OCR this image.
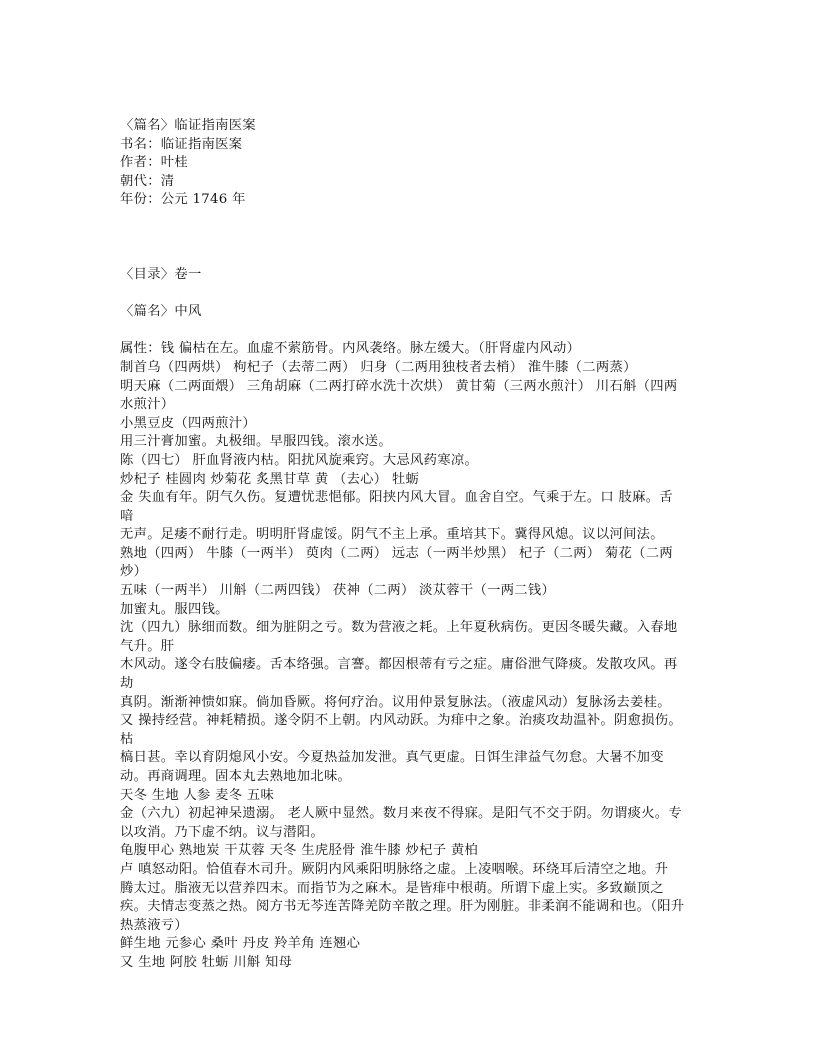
〈篇名〉临证指南医案
书名：临证指南医案
作者：叶桂
朝代：清
年份：公元 1746 年
〈目录〉卷一
〈篇名〉中风
属性：钱 偏枯在左。血虚不萦筋骨。内风袭络。脉左缓大。（肝肾虚内风动）
制首乌（四两烘） 枸杞子（去蒂二两） 归身（二两用独枝者去梢） 淮牛膝（二两蒸）
明天麻（二两面煨） 三角胡麻（二两打碎水洗十次烘） 黄甘菊（三两水煎汁） 川石斛（四两
水煎汁）
小黑豆皮（四两煎汁）
用三汁膏加蜜。丸极细。早服四钱。滚水送。
陈（四七） 肝血肾液内枯。阳扰风旋乘窍。大忌风药寒凉。
炒杞子 桂圆肉 炒菊花 炙黑甘草 黄 （去心） 牡蛎
金 失血有年。阴气久伤。复遭忧悲悒郁。阳挟内风大冒。血舍自空。气乘于左。口 肢麻。舌
喑
无声。足痿不耐行走。明明肝肾虚馁。阴气不主上承。重培其下。冀得风熄。议以河间法。
熟地（四两） 牛膝（一两半） 萸肉（二两） 远志（一两半炒黑） 杞子（二两） 菊花（二两
炒）
五味（一两半） 川斛（二两四钱） 茯神（二两） 淡苁蓉干（一两二钱）
加蜜丸。服四钱。
沈（四九）脉细而数。细为脏阴之亏。数为营液之耗。上年夏秋病伤。更因冬暖失藏。入春地
气升。肝
木风动。遂令右肢偏痿。舌本络强。言謇。都因根蒂有亏之症。庸俗泄气降痰。发散攻风。再
劫
真阴。渐渐神愦如寐。倘加昏厥。将何疗治。议用仲景复脉法。（液虚风动）复脉汤去姜桂。
又 操持经营。神耗精损。遂令阴不上朝。内风动跃。为痱中之象。治痰攻劫温补。阴愈损伤。
枯
槁日甚。幸以育阴熄风小安。今夏热益加发泄。真气更虚。日饵生津益气勿怠。大暑不加变
动。再商调理。固本丸去熟地加北味。
天冬 生地 人参 麦冬 五味
金（六九）初起神呆遗溺。 老人厥中显然。数月来夜不得寐。是阳气不交于阴。勿谓痰火。专
以攻消。乃下虚不纳。议与潜阳。
龟腹甲心 熟地炭 干苁蓉 天冬 生虎胫骨 淮牛膝 炒杞子 黄柏
卢 嗔怒动阳。恰值春木司升。厥阴内风乘阳明脉络之虚。上凌咽喉。环绕耳后清空之地。升
腾太过。脂液无以营养四末。而指节为之麻木。是皆痱中根萌。所谓下虚上实。多致巅顶之
疾。夫情志变蒸之热。阅方书无芩连苦降羌防辛散之理。肝为刚脏。非柔润不能调和也。（阳升
热蒸液亏）
鲜生地 元参心 桑叶 丹皮 羚羊角 连翘心
又 生地 阿胶 牡蛎 川斛 知母
